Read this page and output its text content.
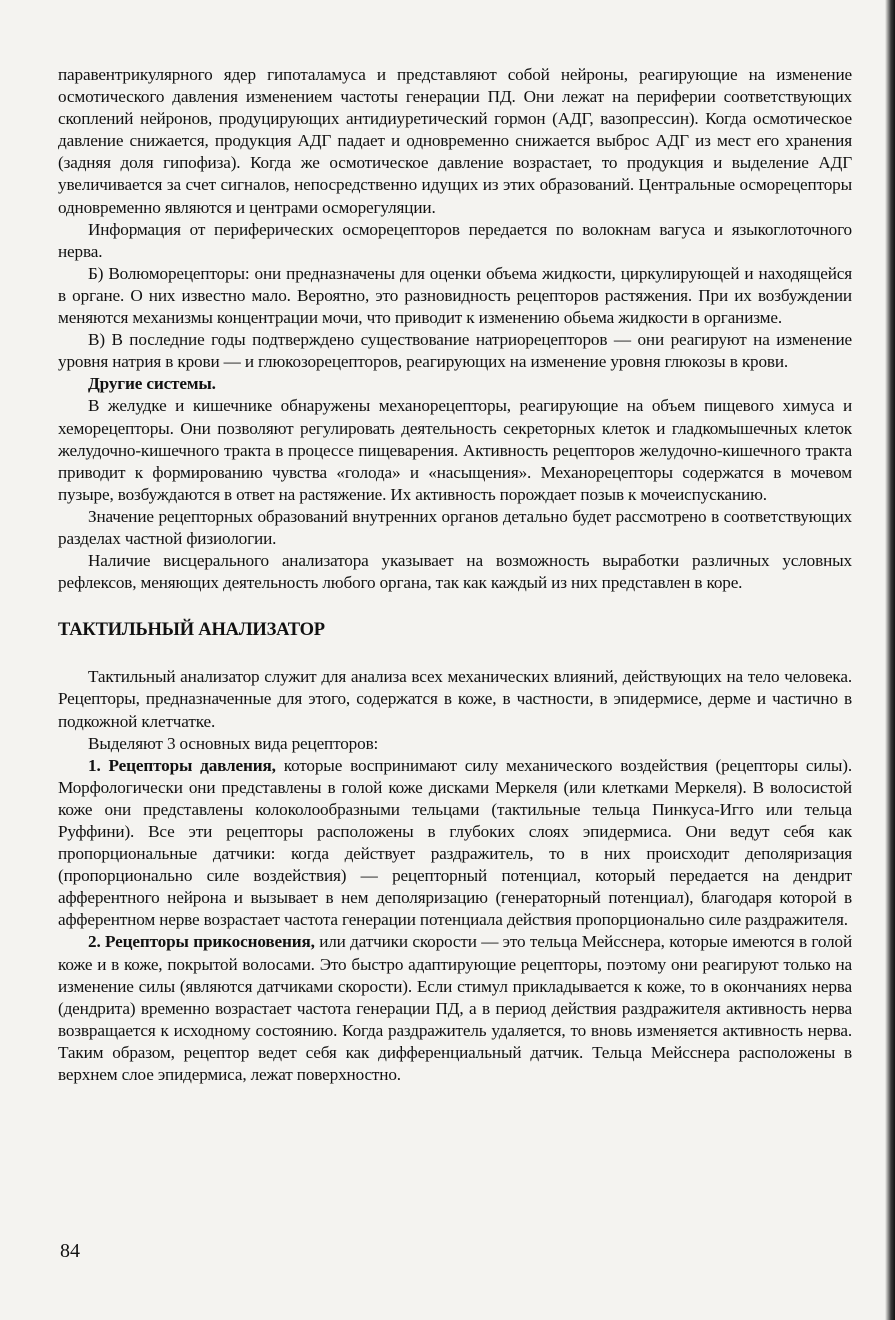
паравентрикулярного ядер гипоталамуса и представляют собой нейроны, реагирующие на изменение осмотического давления изменением частоты генерации ПД. Они лежат на периферии соответствующих скоплений нейронов, продуцирующих антидиуретический гормон (АДГ, вазопрессин). Когда осмотическое давление снижается, продукция АДГ падает и одновременно снижается выброс АДГ из мест его хранения (задняя доля гипофиза). Когда же осмотическое давление возрастает, то продукция и выделение АДГ увеличивается за счет сигналов, непосредственно идущих из этих образований. Центральные осморецепторы одновременно являются и центрами осморегуляции.

Информация от периферических осморецепторов передается по волокнам вагуса и языкоглоточного нерва.

Б) Волюморецепторы: они предназначены для оценки объема жидкости, циркулирующей и находящейся в органе. О них известно мало. Вероятно, это разновидность рецепторов растяжения. При их возбуждении меняются механизмы концентрации мочи, что приводит к изменению обьема жидкости в организме.

В) В последние годы подтверждено существование натриорецепторов — они реагируют на изменение уровня натрия в крови — и глюкозорецепторов, реагирующих на изменение уровня глюкозы в крови.

Другие системы.

В желудке и кишечнике обнаружены механорецепторы, реагирующие на объем пищевого химуса и хеморецепторы. Они позволяют регулировать деятельность секреторных клеток и гладкомышечных клеток желудочно-кишечного тракта в процессе пищеварения. Активность рецепторов желудочно-кишечного тракта приводит к формированию чувства «голода» и «насыщения». Механорецепторы содержатся в мочевом пузыре, возбуждаются в ответ на растяжение. Их активность порождает позыв к мочеиспусканию.

Значение рецепторных образований внутренних органов детально будет рассмотрено в соответствующих разделах частной физиологии.

Наличие висцерального анализатора указывает на возможность выработки различных условных рефлексов, меняющих деятельность любого органа, так как каждый из них представлен в коре.

ТАКТИЛЬНЫЙ АНАЛИЗАТОР

Тактильный анализатор служит для анализа всех механических влияний, действующих на тело человека. Рецепторы, предназначенные для этого, содержатся в коже, в частности, в эпидермисе, дерме и частично в подкожной клетчатке.

Выделяют 3 основных вида рецепторов:

1. Рецепторы давления, которые воспринимают силу механического воздействия (рецепторы силы). Морфологически они представлены в голой коже дисками Меркеля (или клетками Меркеля). В волосистой коже они представлены колоколообразными тельцами (тактильные тельца Пинкуса-Игго или тельца Руффини). Все эти рецепторы расположены в глубоких слоях эпидермиса. Они ведут себя как пропорциональные датчики: когда действует раздражитель, то в них происходит деполяризация (пропорционально силе воздействия) — рецепторный потенциал, который передается на дендрит афферентного нейрона и вызывает в нем деполяризацию (генераторный потенциал), благодаря которой в афферентном нерве возрастает частота генерации потенциала действия пропорционально силе раздражителя.

2. Рецепторы прикосновения, или датчики скорости — это тельца Мейсснера, которые имеются в голой коже и в коже, покрытой волосами. Это быстро адаптирующие рецепторы, поэтому они реагируют только на изменение силы (являются датчиками скорости). Если стимул прикладывается к коже, то в окончаниях нерва (дендрита) временно возрастает частота генерации ПД, а в период действия раздражителя активность нерва возвращается к исходному состоянию. Когда раздражитель удаляется, то вновь изменяется активность нерва. Таким образом, рецептор ведет себя как дифференциальный датчик. Тельца Мейсснера расположены в верхнем слое эпидермиса, лежат поверхностно.

84
